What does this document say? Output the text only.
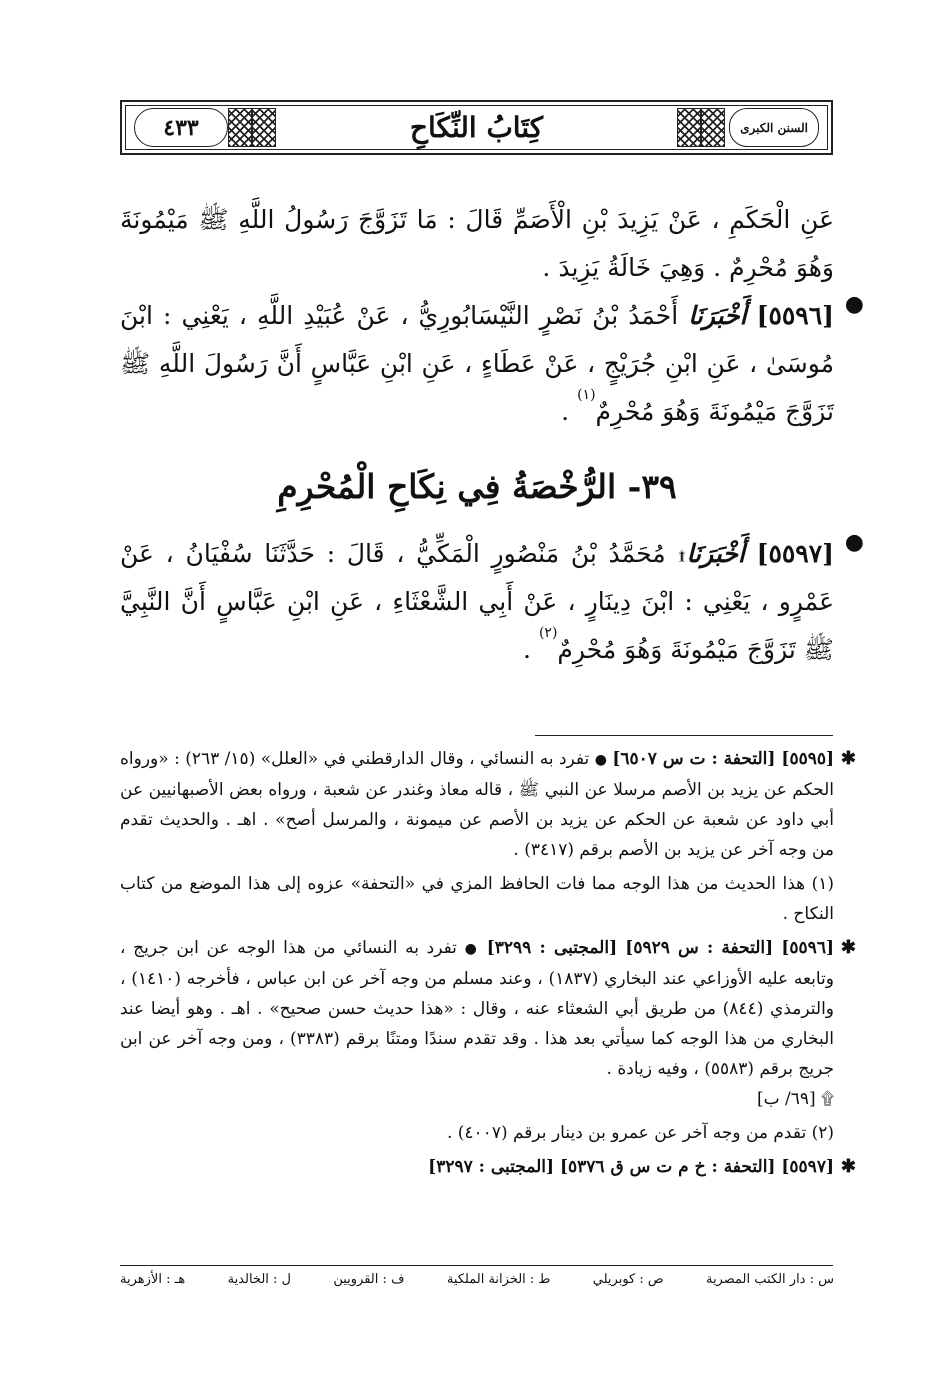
٤٣٣	كِتَابُ النِّكَاحِ	السنن الكبرى

عَنِ الْحَكَمِ ، عَنْ يَزِيدَ بْنِ الْأَصَمِّ قَالَ : مَا تَزَوَّجَ رَسُولُ اللَّهِ ﷺ مَيْمُونَةَ وَهُوَ مُحْرِمٌ . وَهِيَ خَالَةُ يَزِيدَ .

●

[٥٥٩٦] أَخْبَرَنَا أَحْمَدُ بْنُ نَصْرٍ النَّيْسَابُورِيُّ ، عَنْ عُبَيْدِ اللَّهِ ، يَعْنِي : ابْنَ مُوسَىٰ ، عَنِ ابْنِ جُرَيْجٍ ، عَنْ عَطَاءٍ ، عَنِ ابْنِ عَبَّاسٍ أَنَّ رَسُولَ اللَّهِ ﷺ تَزَوَّجَ مَيْمُونَةَ وَهُوَ مُحْرِمٌ$^{(١)}$ .

٣٩- الرُّخْصَةُ فِي نِكَاحِ الْمُحْرِمِ
●

[٥٥٩٧] أَخْبَرَنَا۩ مُحَمَّدُ بْنُ مَنْصُورٍ الْمَكِّيُّ ، قَالَ : حَدَّثَنَا سُفْيَانُ ، عَنْ عَمْرٍو ، يَعْنِي : ابْنَ دِينَارٍ ، عَنْ أَبِي الشَّعْثَاءِ ، عَنِ ابْنِ عَبَّاسٍ أَنَّ النَّبِيَّ ﷺ تَزَوَّجَ مَيْمُونَةَ وَهُوَ مُحْرِمٌ$^{(٢)}$ .

✱
[٥٥٩٥] [التحفة : ت س ٦٥٠٧] ● تفرد به النسائي ، وقال الدارقطني في «العلل» (١٥/ ٢٦٣) : «ورواه الحكم عن يزيد بن الأصم مرسلا عن النبي ﷺ ، قاله معاذ وغندر عن شعبة ، ورواه بعض الأصبهانيين عن أبي داود عن شعبة عن الحكم عن يزيد بن الأصم عن ميمونة ، والمرسل أصح» . اهـ . والحديث تقدم من وجه آخر عن يزيد بن الأصم برقم (٣٤١٧) .

(١) هذا الحديث من هذا الوجه مما فات الحافظ المزي في «التحفة» عزوه إلى هذا الموضع من كتاب النكاح .

✱
[٥٥٩٦] [التحفة : س ٥٩٢٩] [المجتبى : ٣٢٩٩] ● تفرد به النسائي من هذا الوجه عن ابن جريج ، وتابعه عليه الأوزاعي عند البخاري (١٨٣٧) ، وعند مسلم من وجه آخر عن ابن عباس ، فأخرجه (١٤١٠) ، والترمذي (٨٤٤) من طريق أبي الشعثاء عنه ، وقال : «هذا حديث حسن صحيح» . اهـ . وهو أيضا عند البخاري من هذا الوجه كما سيأتي بعد هذا . وقد تقدم سندًا ومتنًا برقم (٣٣٨٣) ، ومن وجه آخر عن ابن جريج برقم (٥٥٨٣) ، وفيه زيادة .
۩ [٦٩/ ب]

(٢) تقدم من وجه آخر عن عمرو بن دينار برقم (٤٠٠٧) .

✱
[٥٥٩٧] [التحفة : خ م ت س ق ٥٣٧٦] [المجتبى : ٣٢٩٧]

س : دار الكتب المصرية
ص : كوبريلي
ط : الخزانة الملكية
ف : القرويين
ل : الخالدية
هـ : الأزهرية
